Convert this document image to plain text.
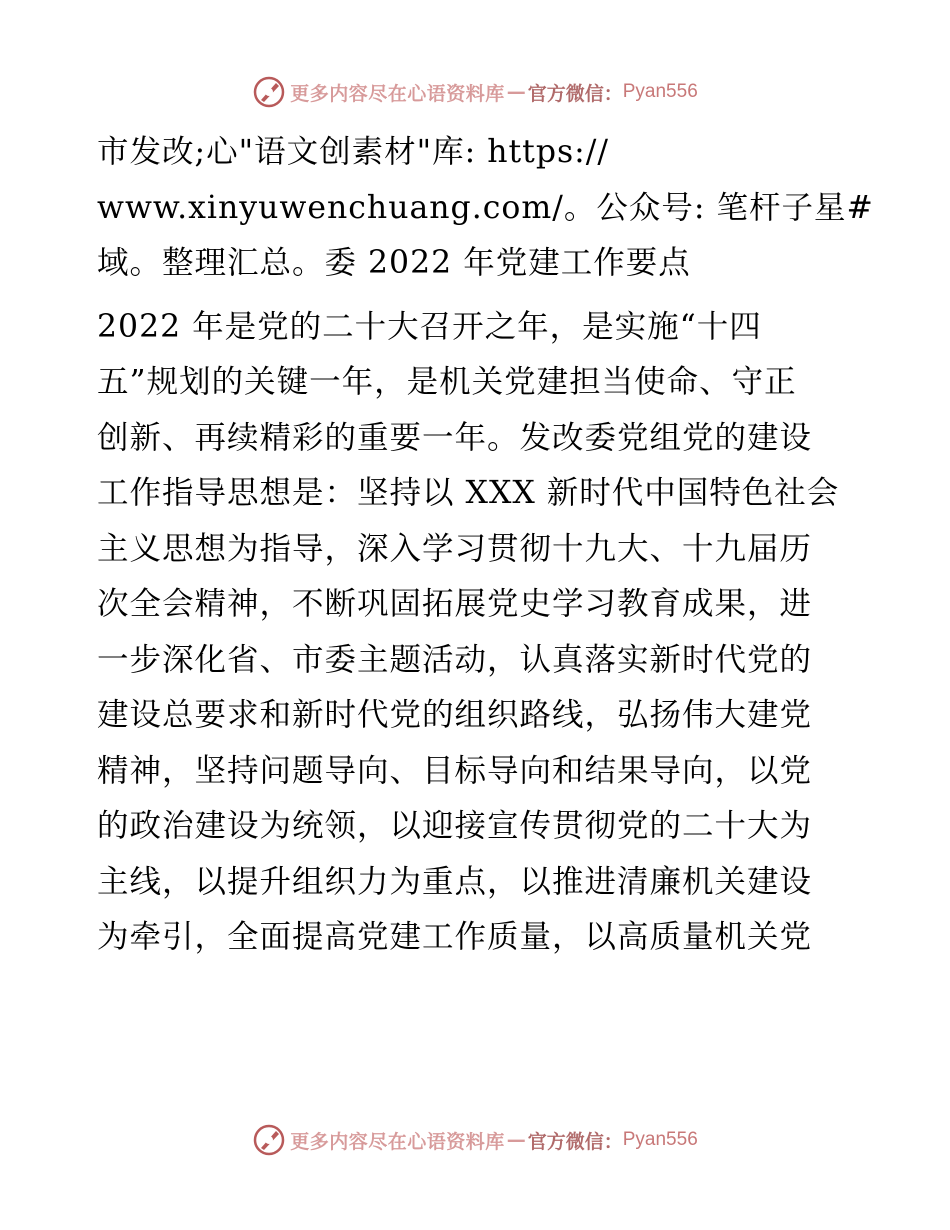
更多内容尽在心语资料库 — 官方微信： Pyan556
市发改;心"语文创素材"库: https://
www.xinyuwenchuang.com/。公众号: 笔杆子星#
域。整理汇总。委 2022 年党建工作要点
2022 年是党的二十大召开之年，是实施“十四
五”规划的关键一年，是机关党建担当使命、守正
创新、再续精彩的重要一年。发改委党组党的建设
工作指导思想是：坚持以 XXX 新时代中国特色社会
主义思想为指导，深入学习贯彻十九大、十九届历
次全会精神，不断巩固拓展党史学习教育成果，进
一步深化省、市委主题活动，认真落实新时代党的
建设总要求和新时代党的组织路线，弘扬伟大建党
精神，坚持问题导向、目标导向和结果导向，以党
的政治建设为统领，以迎接宣传贯彻党的二十大为
主线，以提升组织力为重点，以推进清廉机关建设
为牵引，全面提高党建工作质量，以高质量机关党
更多内容尽在心语资料库 — 官方微信： Pyan556
